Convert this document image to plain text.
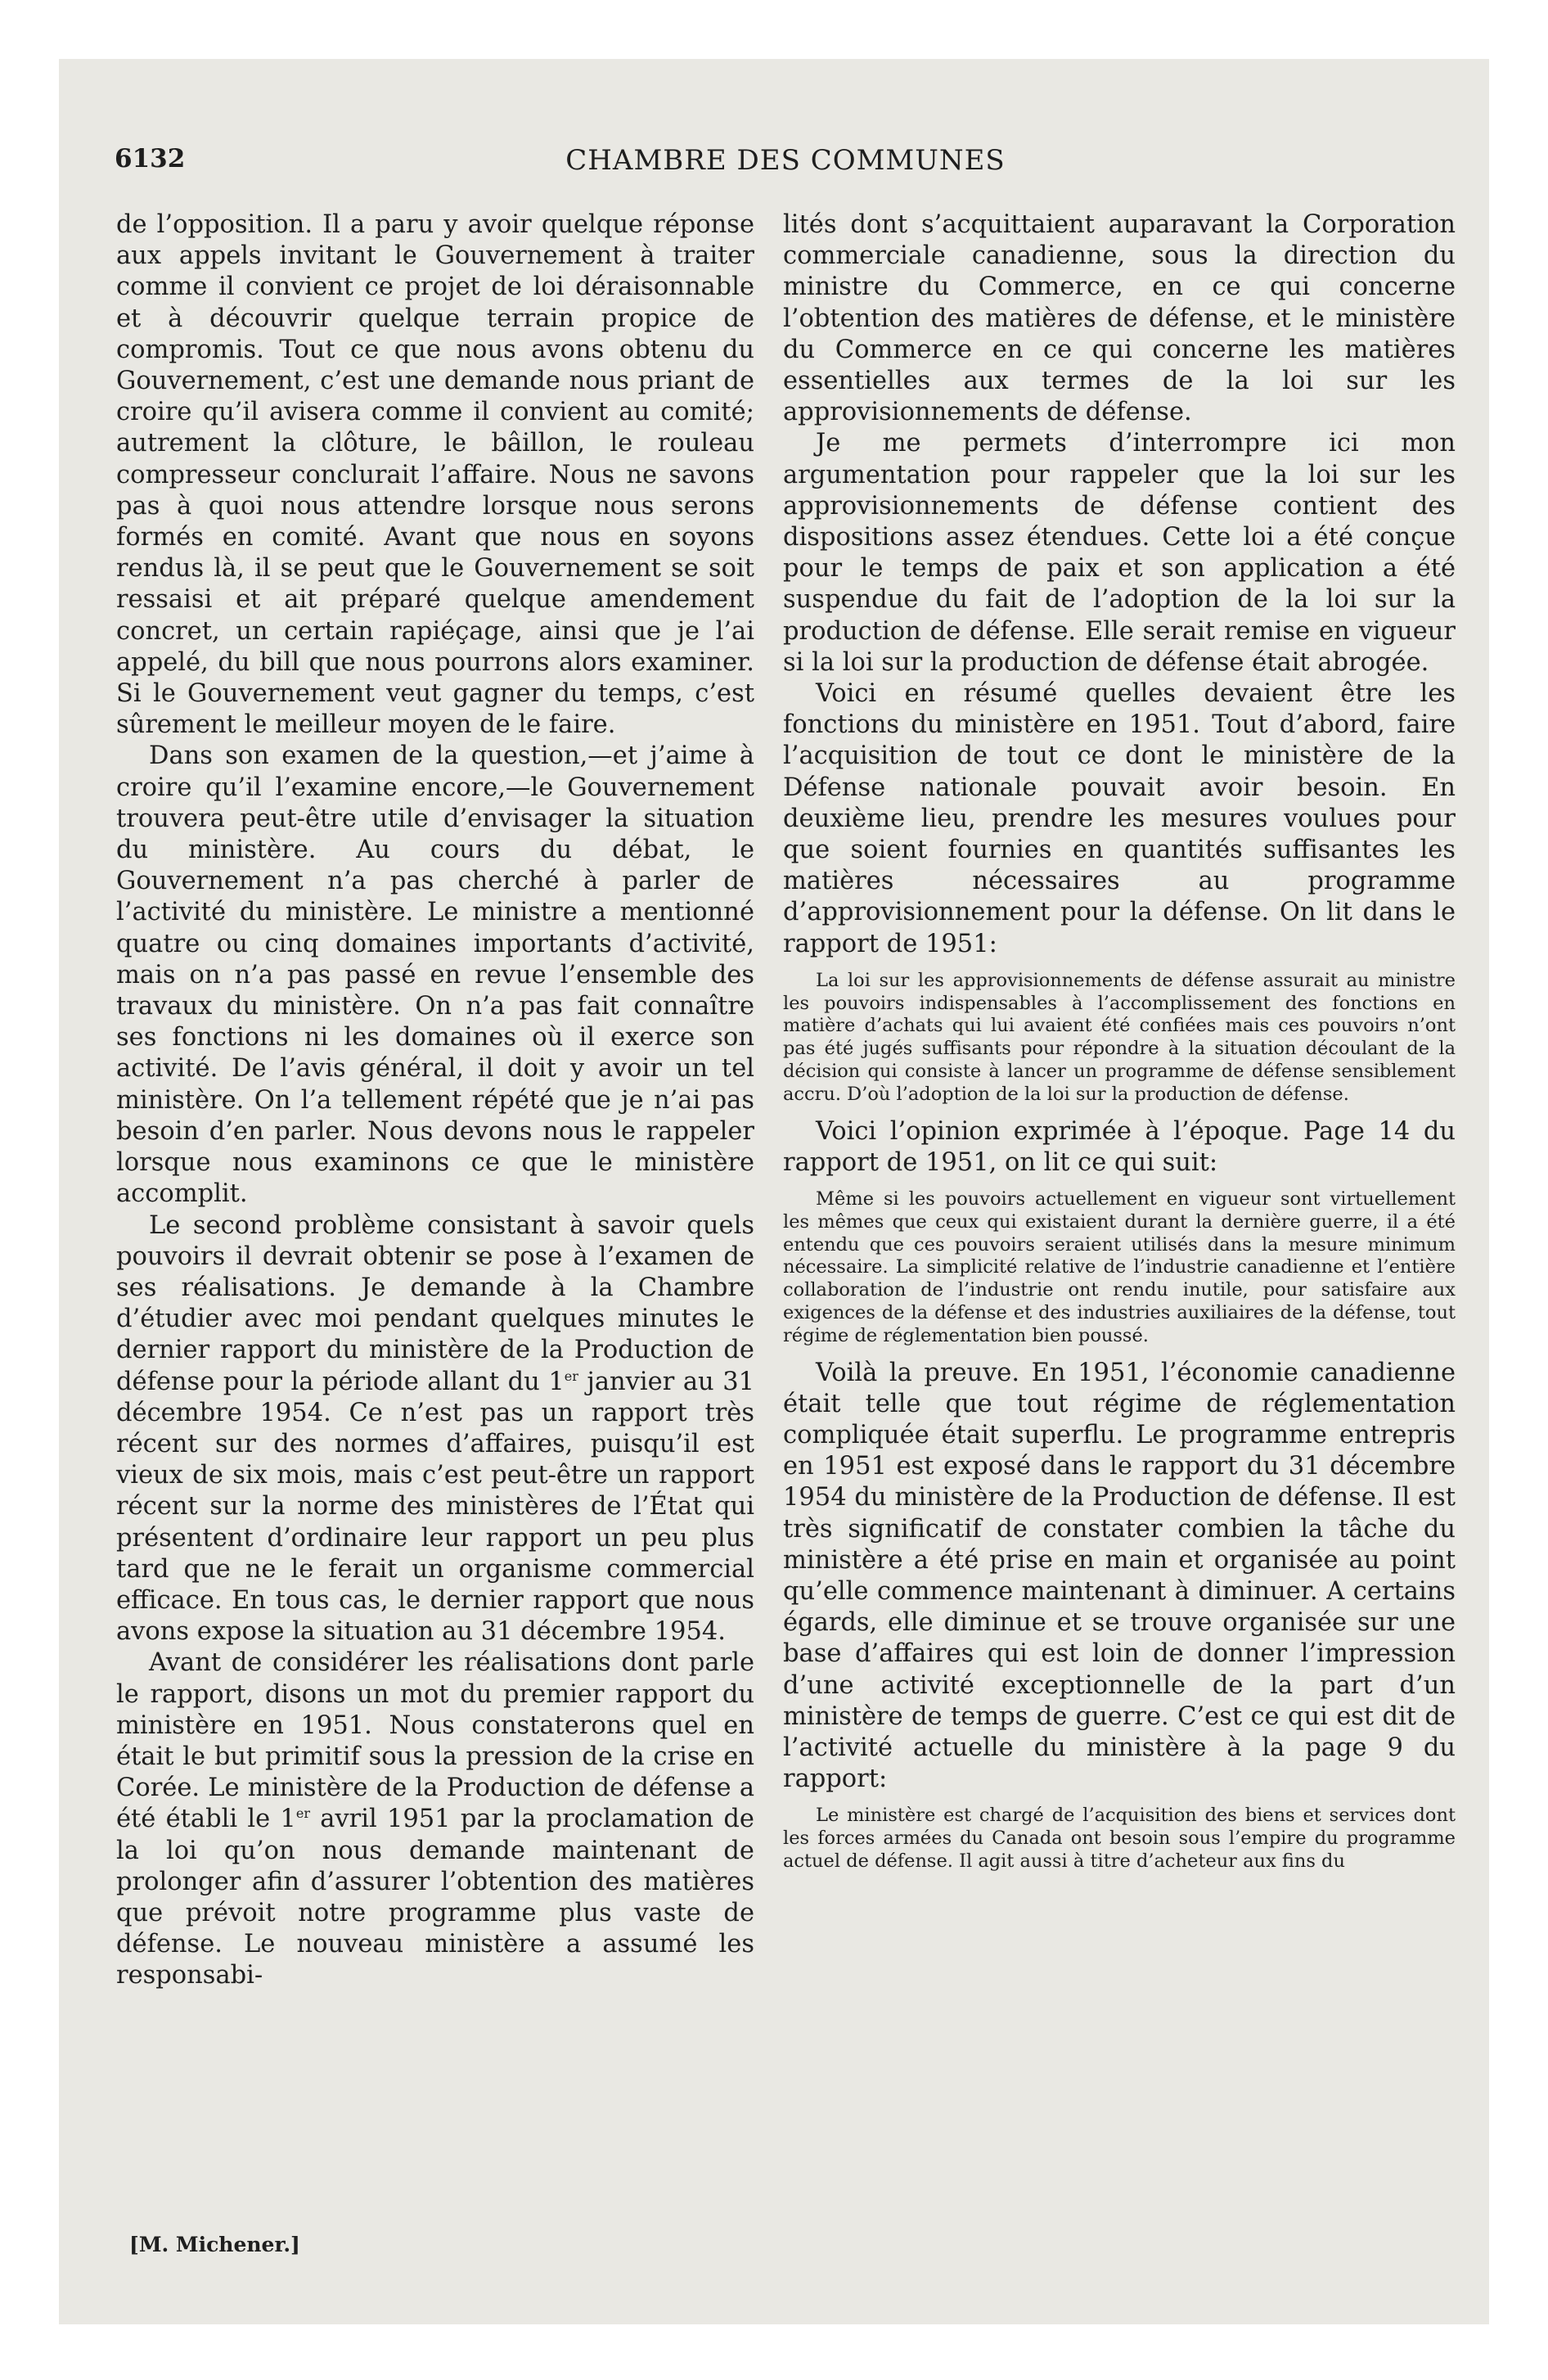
6132	CHAMBRE DES COMMUNES

de l’opposition. Il a paru y avoir quelque réponse aux appels invitant le Gouvernement à traiter comme il convient ce projet de loi déraisonnable et à découvrir quelque terrain propice de compromis. Tout ce que nous avons obtenu du Gouvernement, c’est une demande nous priant de croire qu’il avisera comme il convient au comité; autrement la clôture, le bâillon, le rouleau compresseur conclurait l’affaire. Nous ne savons pas à quoi nous attendre lorsque nous serons formés en comité. Avant que nous en soyons rendus là, il se peut que le Gouvernement se soit ressaisi et ait préparé quelque amendement concret, un certain rapiéçage, ainsi que je l’ai appelé, du bill que nous pourrons alors examiner. Si le Gouvernement veut gagner du temps, c’est sûrement le meilleur moyen de le faire.

Dans son examen de la question,—et j’aime à croire qu’il l’examine encore,—le Gouvernement trouvera peut-être utile d’envisager la situation du ministère. Au cours du débat, le Gouvernement n’a pas cherché à parler de l’activité du ministère. Le ministre a mentionné quatre ou cinq domaines importants d’activité, mais on n’a pas passé en revue l’ensemble des travaux du ministère. On n’a pas fait connaître ses fonctions ni les domaines où il exerce son activité. De l’avis général, il doit y avoir un tel ministère. On l’a tellement répété que je n’ai pas besoin d’en parler. Nous devons nous le rappeler lorsque nous examinons ce que le ministère accomplit.

Le second problème consistant à savoir quels pouvoirs il devrait obtenir se pose à l’examen de ses réalisations. Je demande à la Chambre d’étudier avec moi pendant quelques minutes le dernier rapport du ministère de la Production de défense pour la période allant du 1er janvier au 31 décembre 1954. Ce n’est pas un rapport très récent sur des normes d’affaires, puisqu’il est vieux de six mois, mais c’est peut-être un rapport récent sur la norme des ministères de l’État qui présentent d’ordinaire leur rapport un peu plus tard que ne le ferait un organisme commercial efficace. En tous cas, le dernier rapport que nous avons expose la situation au 31 décembre 1954.

Avant de considérer les réalisations dont parle le rapport, disons un mot du premier rapport du ministère en 1951. Nous constaterons quel en était le but primitif sous la pression de la crise en Corée. Le ministère de la Production de défense a été établi le 1er avril 1951 par la proclamation de la loi qu’on nous demande maintenant de prolonger afin d’assurer l’obtention des matières que prévoit notre programme plus vaste de défense. Le nouveau ministère a assumé les responsabi-

lités dont s’acquittaient auparavant la Corporation commerciale canadienne, sous la direction du ministre du Commerce, en ce qui concerne l’obtention des matières de défense, et le ministère du Commerce en ce qui concerne les matières essentielles aux termes de la loi sur les approvisionnements de défense.

Je me permets d’interrompre ici mon argumentation pour rappeler que la loi sur les approvisionnements de défense contient des dispositions assez étendues. Cette loi a été conçue pour le temps de paix et son application a été suspendue du fait de l’adoption de la loi sur la production de défense. Elle serait remise en vigueur si la loi sur la production de défense était abrogée.

Voici en résumé quelles devaient être les fonctions du ministère en 1951. Tout d’abord, faire l’acquisition de tout ce dont le ministère de la Défense nationale pouvait avoir besoin. En deuxième lieu, prendre les mesures voulues pour que soient fournies en quantités suffisantes les matières nécessaires au programme d’approvisionnement pour la défense. On lit dans le rapport de 1951:

La loi sur les approvisionnements de défense assurait au ministre les pouvoirs indispensables à l’accomplissement des fonctions en matière d’achats qui lui avaient été confiées mais ces pouvoirs n’ont pas été jugés suffisants pour répondre à la situation découlant de la décision qui consiste à lancer un programme de défense sensiblement accru. D’où l’adoption de la loi sur la production de défense.

Voici l’opinion exprimée à l’époque. Page 14 du rapport de 1951, on lit ce qui suit:

Même si les pouvoirs actuellement en vigueur sont virtuellement les mêmes que ceux qui existaient durant la dernière guerre, il a été entendu que ces pouvoirs seraient utilisés dans la mesure minimum nécessaire. La simplicité relative de l’industrie canadienne et l’entière collaboration de l’industrie ont rendu inutile, pour satisfaire aux exigences de la défense et des industries auxiliaires de la défense, tout régime de réglementation bien poussé.

Voilà la preuve. En 1951, l’économie canadienne était telle que tout régime de réglementation compliquée était superflu. Le programme entrepris en 1951 est exposé dans le rapport du 31 décembre 1954 du ministère de la Production de défense. Il est très significatif de constater combien la tâche du ministère a été prise en main et organisée au point qu’elle commence maintenant à diminuer. A certains égards, elle diminue et se trouve organisée sur une base d’affaires qui est loin de donner l’impression d’une activité exceptionnelle de la part d’un ministère de temps de guerre. C’est ce qui est dit de l’activité actuelle du ministère à la page 9 du rapport:

Le ministère est chargé de l’acquisition des biens et services dont les forces armées du Canada ont besoin sous l’empire du programme actuel de défense. Il agit aussi à titre d’acheteur aux fins du
[M. Michener.]
